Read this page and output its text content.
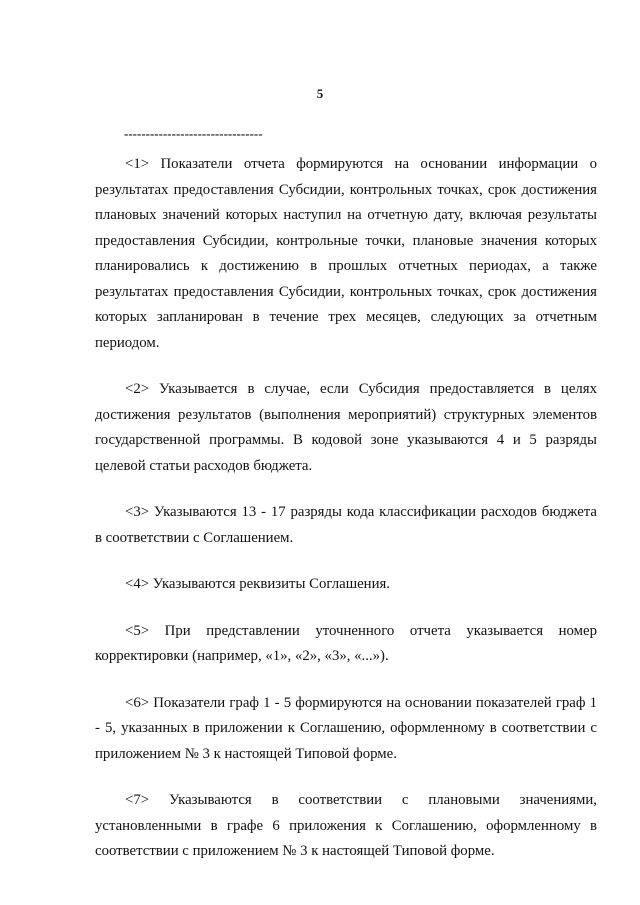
5
--------------------------------

<1> Показатели отчета формируются на основании информации о результатах предоставления Субсидии, контрольных точках, срок достижения плановых значений которых наступил на отчетную дату, включая результаты предоставления Субсидии, контрольные точки, плановые значения которых планировались к достижению в прошлых отчетных периодах, а также результатах предоставления Субсидии, контрольных точках, срок достижения которых запланирован в течение трех месяцев, следующих за отчетным периодом.

<2> Указывается в случае, если Субсидия предоставляется в целях достижения результатов (выполнения мероприятий) структурных элементов государственной программы. В кодовой зоне указываются 4 и 5 разряды целевой статьи расходов бюджета.

<3> Указываются 13 - 17 разряды кода классификации расходов бюджета в соответствии с Соглашением.

<4> Указываются реквизиты Соглашения.

<5> При представлении уточненного отчета указывается номер корректировки (например, «1», «2», «3», «...»).

<6> Показатели граф 1 - 5 формируются на основании показателей граф 1 - 5, указанных в приложении к Соглашению, оформленному в соответствии с приложением № 3 к настоящей Типовой форме.

<7> Указываются в соответствии с плановыми значениями, установленными в графе 6 приложения к Соглашению, оформленному в соответствии с приложением № 3 к настоящей Типовой форме.
